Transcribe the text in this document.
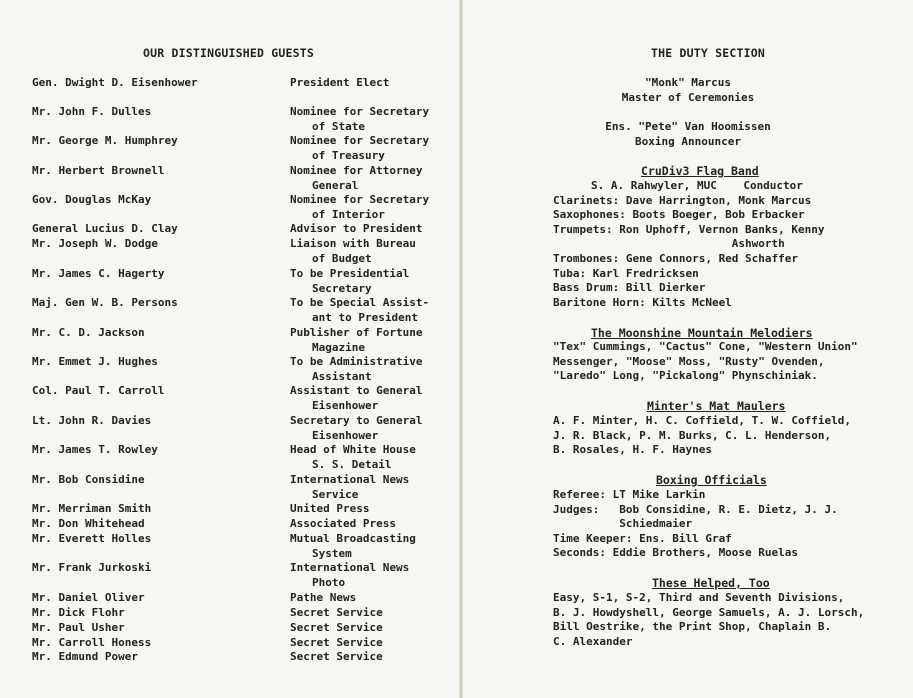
OUR DISTINGUISHED GUESTS
Gen. Dwight D. Eisenhower	President Elect
Mr. John F. Dulles	Nominee for Secretary
of State
Mr. George M. Humphrey	Nominee for Secretary
of Treasury
Mr. Herbert Brownell	Nominee for Attorney
General
Gov. Douglas McKay	Nominee for Secretary
of Interior
General Lucius D. Clay	Advisor to President
Mr. Joseph W. Dodge	Liaison with Bureau
of Budget
Mr. James C. Hagerty	To be Presidential
Secretary
Maj. Gen W. B. Persons	To be Special Assist-
ant to President
Mr. C. D. Jackson	Publisher of Fortune
Magazine
Mr. Emmet J. Hughes	To be Administrative
Assistant
Col. Paul T. Carroll	Assistant to General
Eisenhower
Lt. John R. Davies	Secretary to General
Eisenhower
Mr. James T. Rowley	Head of White House
S. S. Detail
Mr. Bob Considine	International News
Service
Mr. Merriman Smith	United Press
Mr. Don Whitehead	Associated Press
Mr. Everett Holles	Mutual Broadcasting
System
Mr. Frank Jurkoski	International News
Photo
Mr. Daniel Oliver	Pathe News
Mr. Dick Flohr	Secret Service
Mr. Paul Usher	Secret Service
Mr. Carroll Honess	Secret Service
Mr. Edmund Power	Secret Service
THE DUTY SECTION
"Monk" Marcus
Master of Ceremonies
Ens. "Pete" Van Hoomissen
Boxing Announcer
CruDiv3 Flag Band
S. A. Rahwyler, MUC    Conductor
Clarinets: Dave Harrington, Monk Marcus
Saxophones: Boots Boeger, Bob Erbacker
Trumpets: Ron Uphoff, Vernon Banks, Kenny
Ashworth
Trombones: Gene Connors, Red Schaffer
Tuba: Karl Fredricksen
Bass Drum: Bill Dierker
Baritone Horn: Kilts McNeel
The Moonshine Mountain Melodiers
"Tex" Cummings, "Cactus" Cone, "Western Union"
Messenger, "Moose" Moss, "Rusty" Ovenden,
"Laredo" Long, "Pickalong" Phynschiniak.
Minter's Mat Maulers
A. F. Minter, H. C. Coffield, T. W. Coffield,
J. R. Black, P. M. Burks, C. L. Henderson,
B. Rosales, H. F. Haynes
Boxing Officials
Referee: LT Mike Larkin
Judges:   Bob Considine, R. E. Dietz, J. J.
Schiedmaier
Time Keeper: Ens. Bill Graf
Seconds: Eddie Brothers, Moose Ruelas
These Helped, Too
Easy, S-1, S-2, Third and Seventh Divisions,
B. J. Howdyshell, George Samuels, A. J. Lorsch,
Bill Oestrike, the Print Shop, Chaplain B.
C. Alexander
